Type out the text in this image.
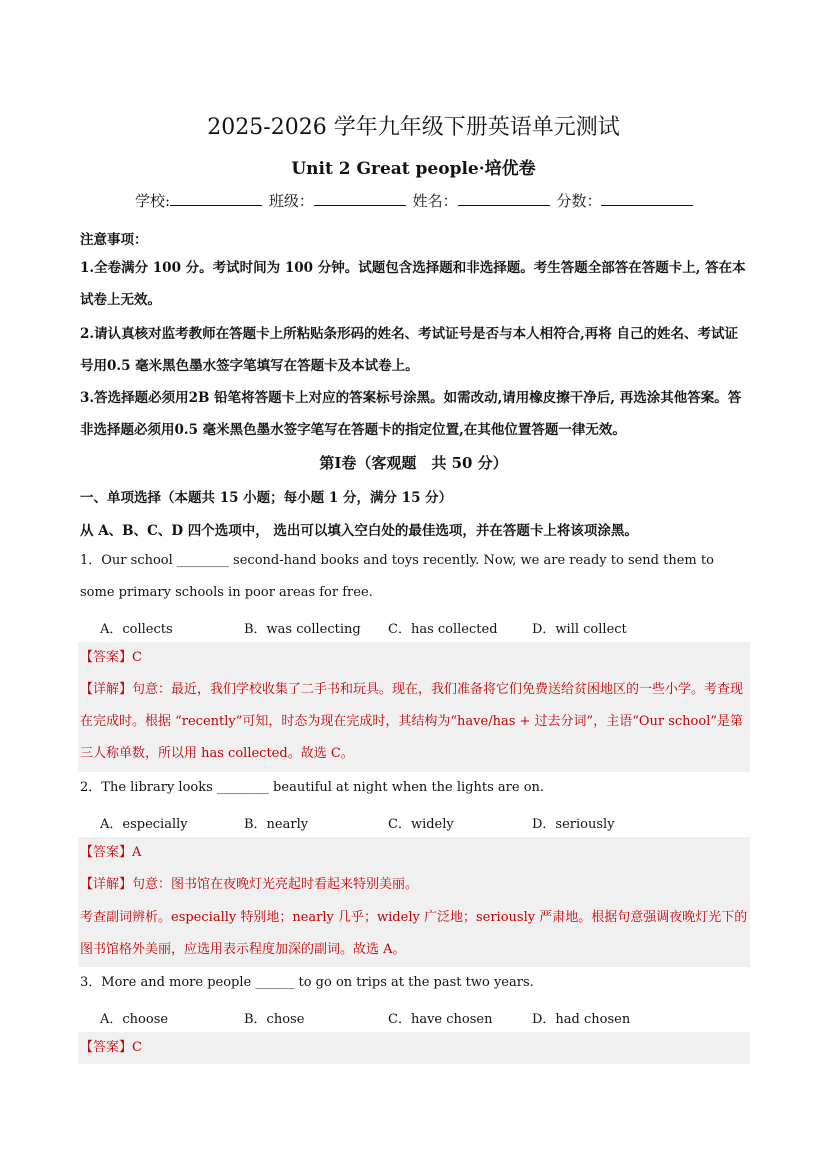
2025-2026 学年九年级下册英语单元测试
Unit 2 Great people·培优卷
学校:	班级：	姓名：	分数：
注意事项：
1.全卷满分 100 分。考试时间为 100 分钟。试题包含选择题和非选择题。考生答题全部答在答题卡上, 答在本试卷上无效。
2.请认真核对监考教师在答题卡上所粘贴条形码的姓名、考试证号是否与本人相符合,再将 自己的姓名、考试证号用0.5 毫米黑色墨水签字笔填写在答题卡及本试卷上。
3.答选择题必须用2B 铅笔将答题卡上对应的答案标号涂黑。如需改动,请用橡皮擦干净后, 再选涂其他答案。答非选择题必须用0.5 毫米黑色墨水签字笔写在答题卡的指定位置,在其他位置答题一律无效。
第Ⅰ卷（客观题　共 50 分）
一、单项选择（本题共 15 小题；每小题 1 分，满分 15 分）
从 A、B、C、D 四个选项中， 选出可以填入空白处的最佳选项，并在答题卡上将该项涂黑。
1．Our school ________ second-hand books and toys recently. Now, we are ready to send them to some primary schools in poor areas for free.
A．collects	B．was collecting C．has collected	D．will collect
【答案】C
【详解】句意：最近，我们学校收集了二手书和玩具。现在，我们准备将它们免费送给贫困地区的一些小学。考查现在完成时。根据 “recently”可知，时态为现在完成时，其结构为“have/has + 过去分词”，主语“Our school”是第三人称单数，所以用 has collected。故选 C。
2．The library looks ________ beautiful at night when the lights are on.
A．especially	B．nearly	C．widely	D．seriously
【答案】A
【详解】句意：图书馆在夜晚灯光亮起时看起来特别美丽。
考查副词辨析。especially 特别地；nearly 几乎；widely 广泛地；seriously 严肃地。根据句意强调夜晚灯光下的图书馆格外美丽，应选用表示程度加深的副词。故选 A。
3．More and more people ______ to go on trips at the past two years.
A．choose	B．chose	C．have chosen	D．had chosen
【答案】C
